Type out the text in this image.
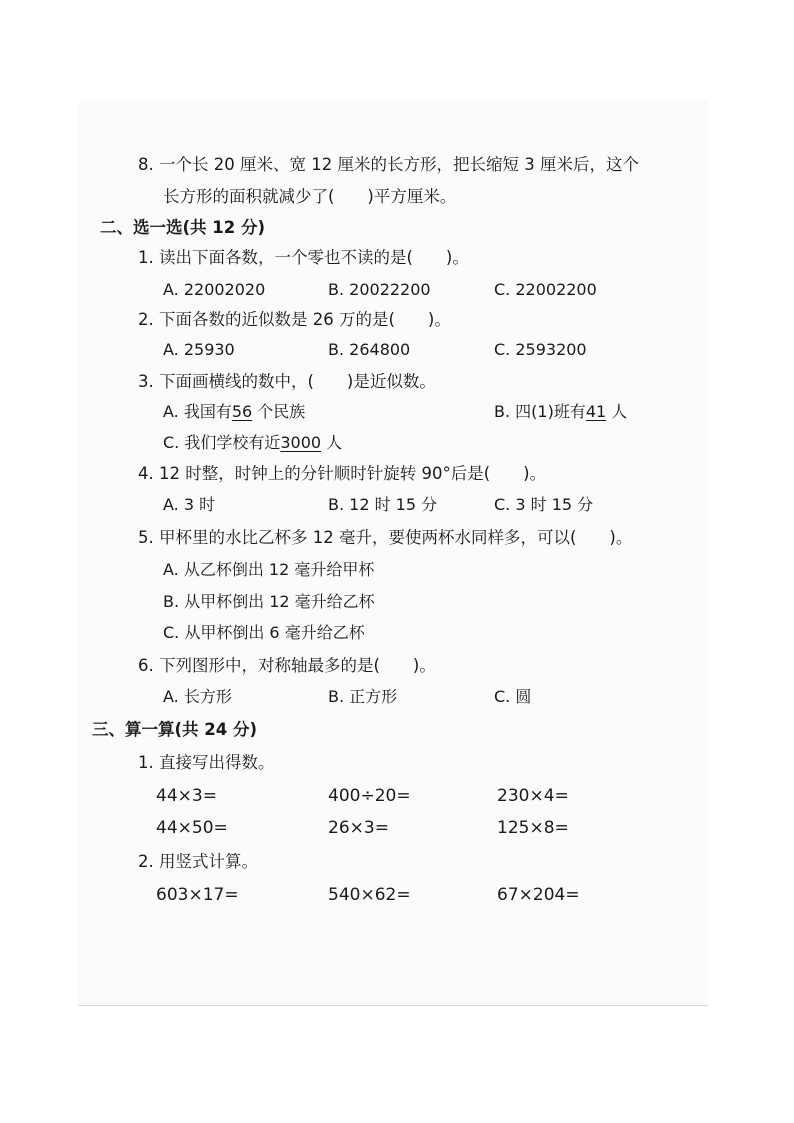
8. 一个长 20 厘米、宽 12 厘米的长方形，把长缩短 3 厘米后，这个
长方形的面积就减少了(　　)平方厘米。
二、选一选(共 12 分)
1. 读出下面各数，一个零也不读的是(　　)。
A. 22002020	B. 20022200	C. 22002200
2. 下面各数的近似数是 26 万的是(　　)。
A. 25930	B. 264800	C. 2593200
3. 下面画横线的数中，(　　)是近似数。
A. 我国有56 个民族	B. 四(1)班有41 人
C. 我们学校有近3000 人
4. 12 时整，时钟上的分针顺时针旋转 90°后是(　　)。
A. 3 时	B. 12 时 15 分	C. 3 时 15 分
5. 甲杯里的水比乙杯多 12 毫升，要使两杯水同样多，可以(　　)。
A. 从乙杯倒出 12 毫升给甲杯
B. 从甲杯倒出 12 毫升给乙杯
C. 从甲杯倒出 6 毫升给乙杯
6. 下列图形中，对称轴最多的是(　　)。
A. 长方形	B. 正方形	C. 圆
三、算一算(共 24 分)
1. 直接写出得数。
44×3=	400÷20=	230×4=
44×50=	26×3=	125×8=
2. 用竖式计算。
603×17=	540×62=	67×204=
